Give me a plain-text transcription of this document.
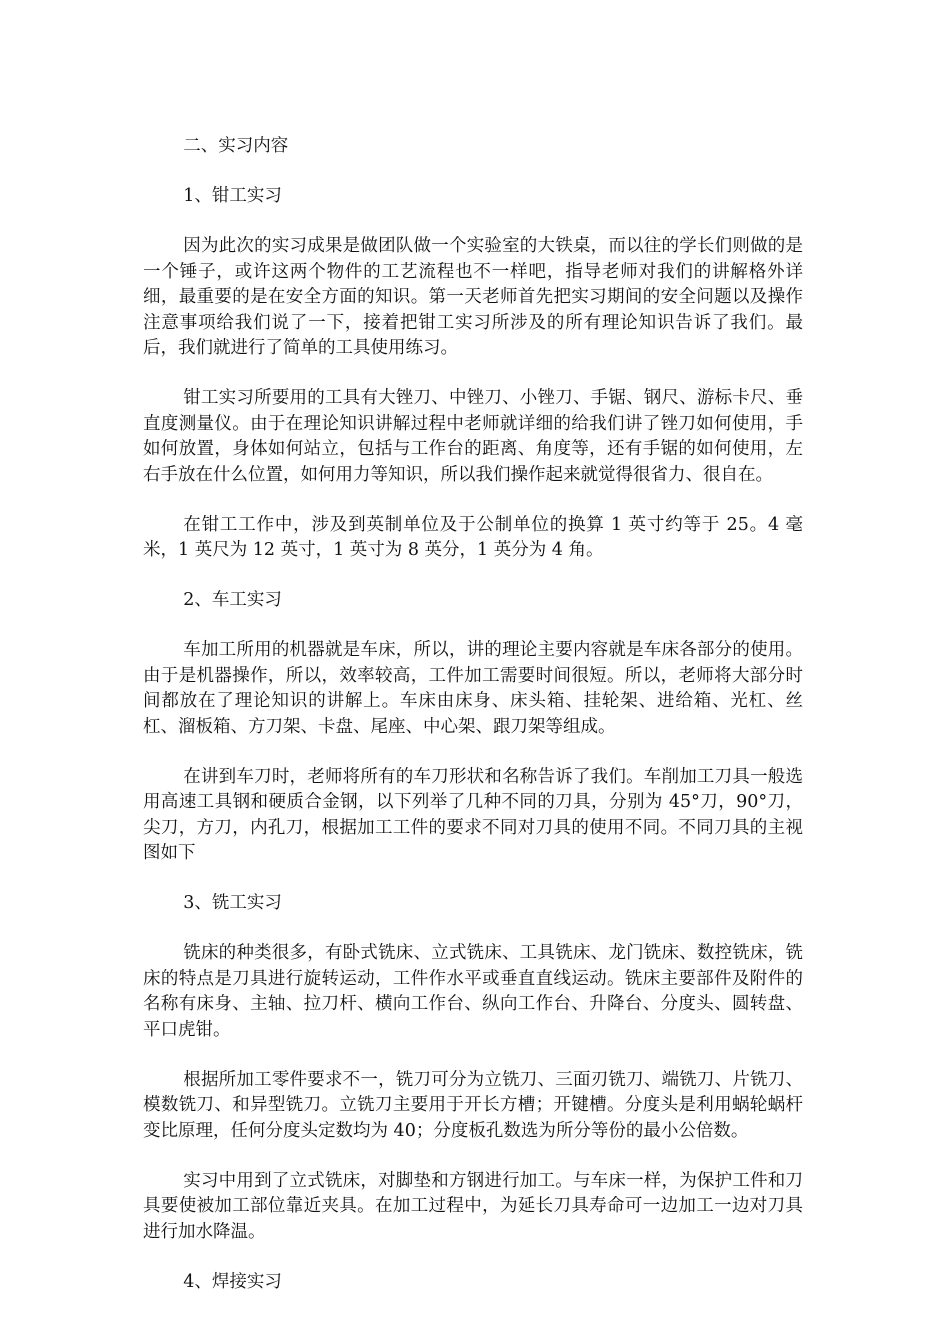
二、实习内容

1、钳工实习

因为此次的实习成果是做团队做一个实验室的大铁桌，而以往的学长们则做的是一个锤子，或许这两个物件的工艺流程也不一样吧，指导老师对我们的讲解格外详细，最重要的是在安全方面的知识。第一天老师首先把实习期间的安全问题以及操作注意事项给我们说了一下，接着把钳工实习所涉及的所有理论知识告诉了我们。最后，我们就进行了简单的工具使用练习。

钳工实习所要用的工具有大锉刀、中锉刀、小锉刀、手锯、钢尺、游标卡尺、垂直度测量仪。由于在理论知识讲解过程中老师就详细的给我们讲了锉刀如何使用，手如何放置，身体如何站立，包括与工作台的距离、角度等，还有手锯的如何使用，左右手放在什么位置，如何用力等知识，所以我们操作起来就觉得很省力、很自在。

在钳工工作中，涉及到英制单位及于公制单位的换算 1 英寸约等于 25。4 毫米，1 英尺为 12 英寸，1 英寸为 8 英分，1 英分为 4 角。

2、车工实习

车加工所用的机器就是车床，所以，讲的理论主要内容就是车床各部分的使用。由于是机器操作，所以，效率较高，工件加工需要时间很短。所以，老师将大部分时间都放在了理论知识的讲解上。车床由床身、床头箱、挂轮架、进给箱、光杠、丝杠、溜板箱、方刀架、卡盘、尾座、中心架、跟刀架等组成。

在讲到车刀时，老师将所有的车刀形状和名称告诉了我们。车削加工刀具一般选用高速工具钢和硬质合金钢，以下列举了几种不同的刀具，分别为 45°刀，90°刀，尖刀，方刀，内孔刀，根据加工工件的要求不同对刀具的使用不同。不同刀具的主视图如下

3、铣工实习

铣床的种类很多，有卧式铣床、立式铣床、工具铣床、龙门铣床、数控铣床，铣床的特点是刀具进行旋转运动，工件作水平或垂直直线运动。铣床主要部件及附件的名称有床身、主轴、拉刀杆、横向工作台、纵向工作台、升降台、分度头、圆转盘、平口虎钳。

根据所加工零件要求不一，铣刀可分为立铣刀、三面刃铣刀、端铣刀、片铣刀、模数铣刀、和异型铣刀。立铣刀主要用于开长方槽；开键槽。分度头是利用蜗轮蜗杆变比原理，任何分度头定数均为 40；分度板孔数选为所分等份的最小公倍数。

实习中用到了立式铣床，对脚垫和方钢进行加工。与车床一样，为保护工件和刀具要使被加工部位靠近夹具。在加工过程中，为延长刀具寿命可一边加工一边对刀具进行加水降温。

4、焊接实习
